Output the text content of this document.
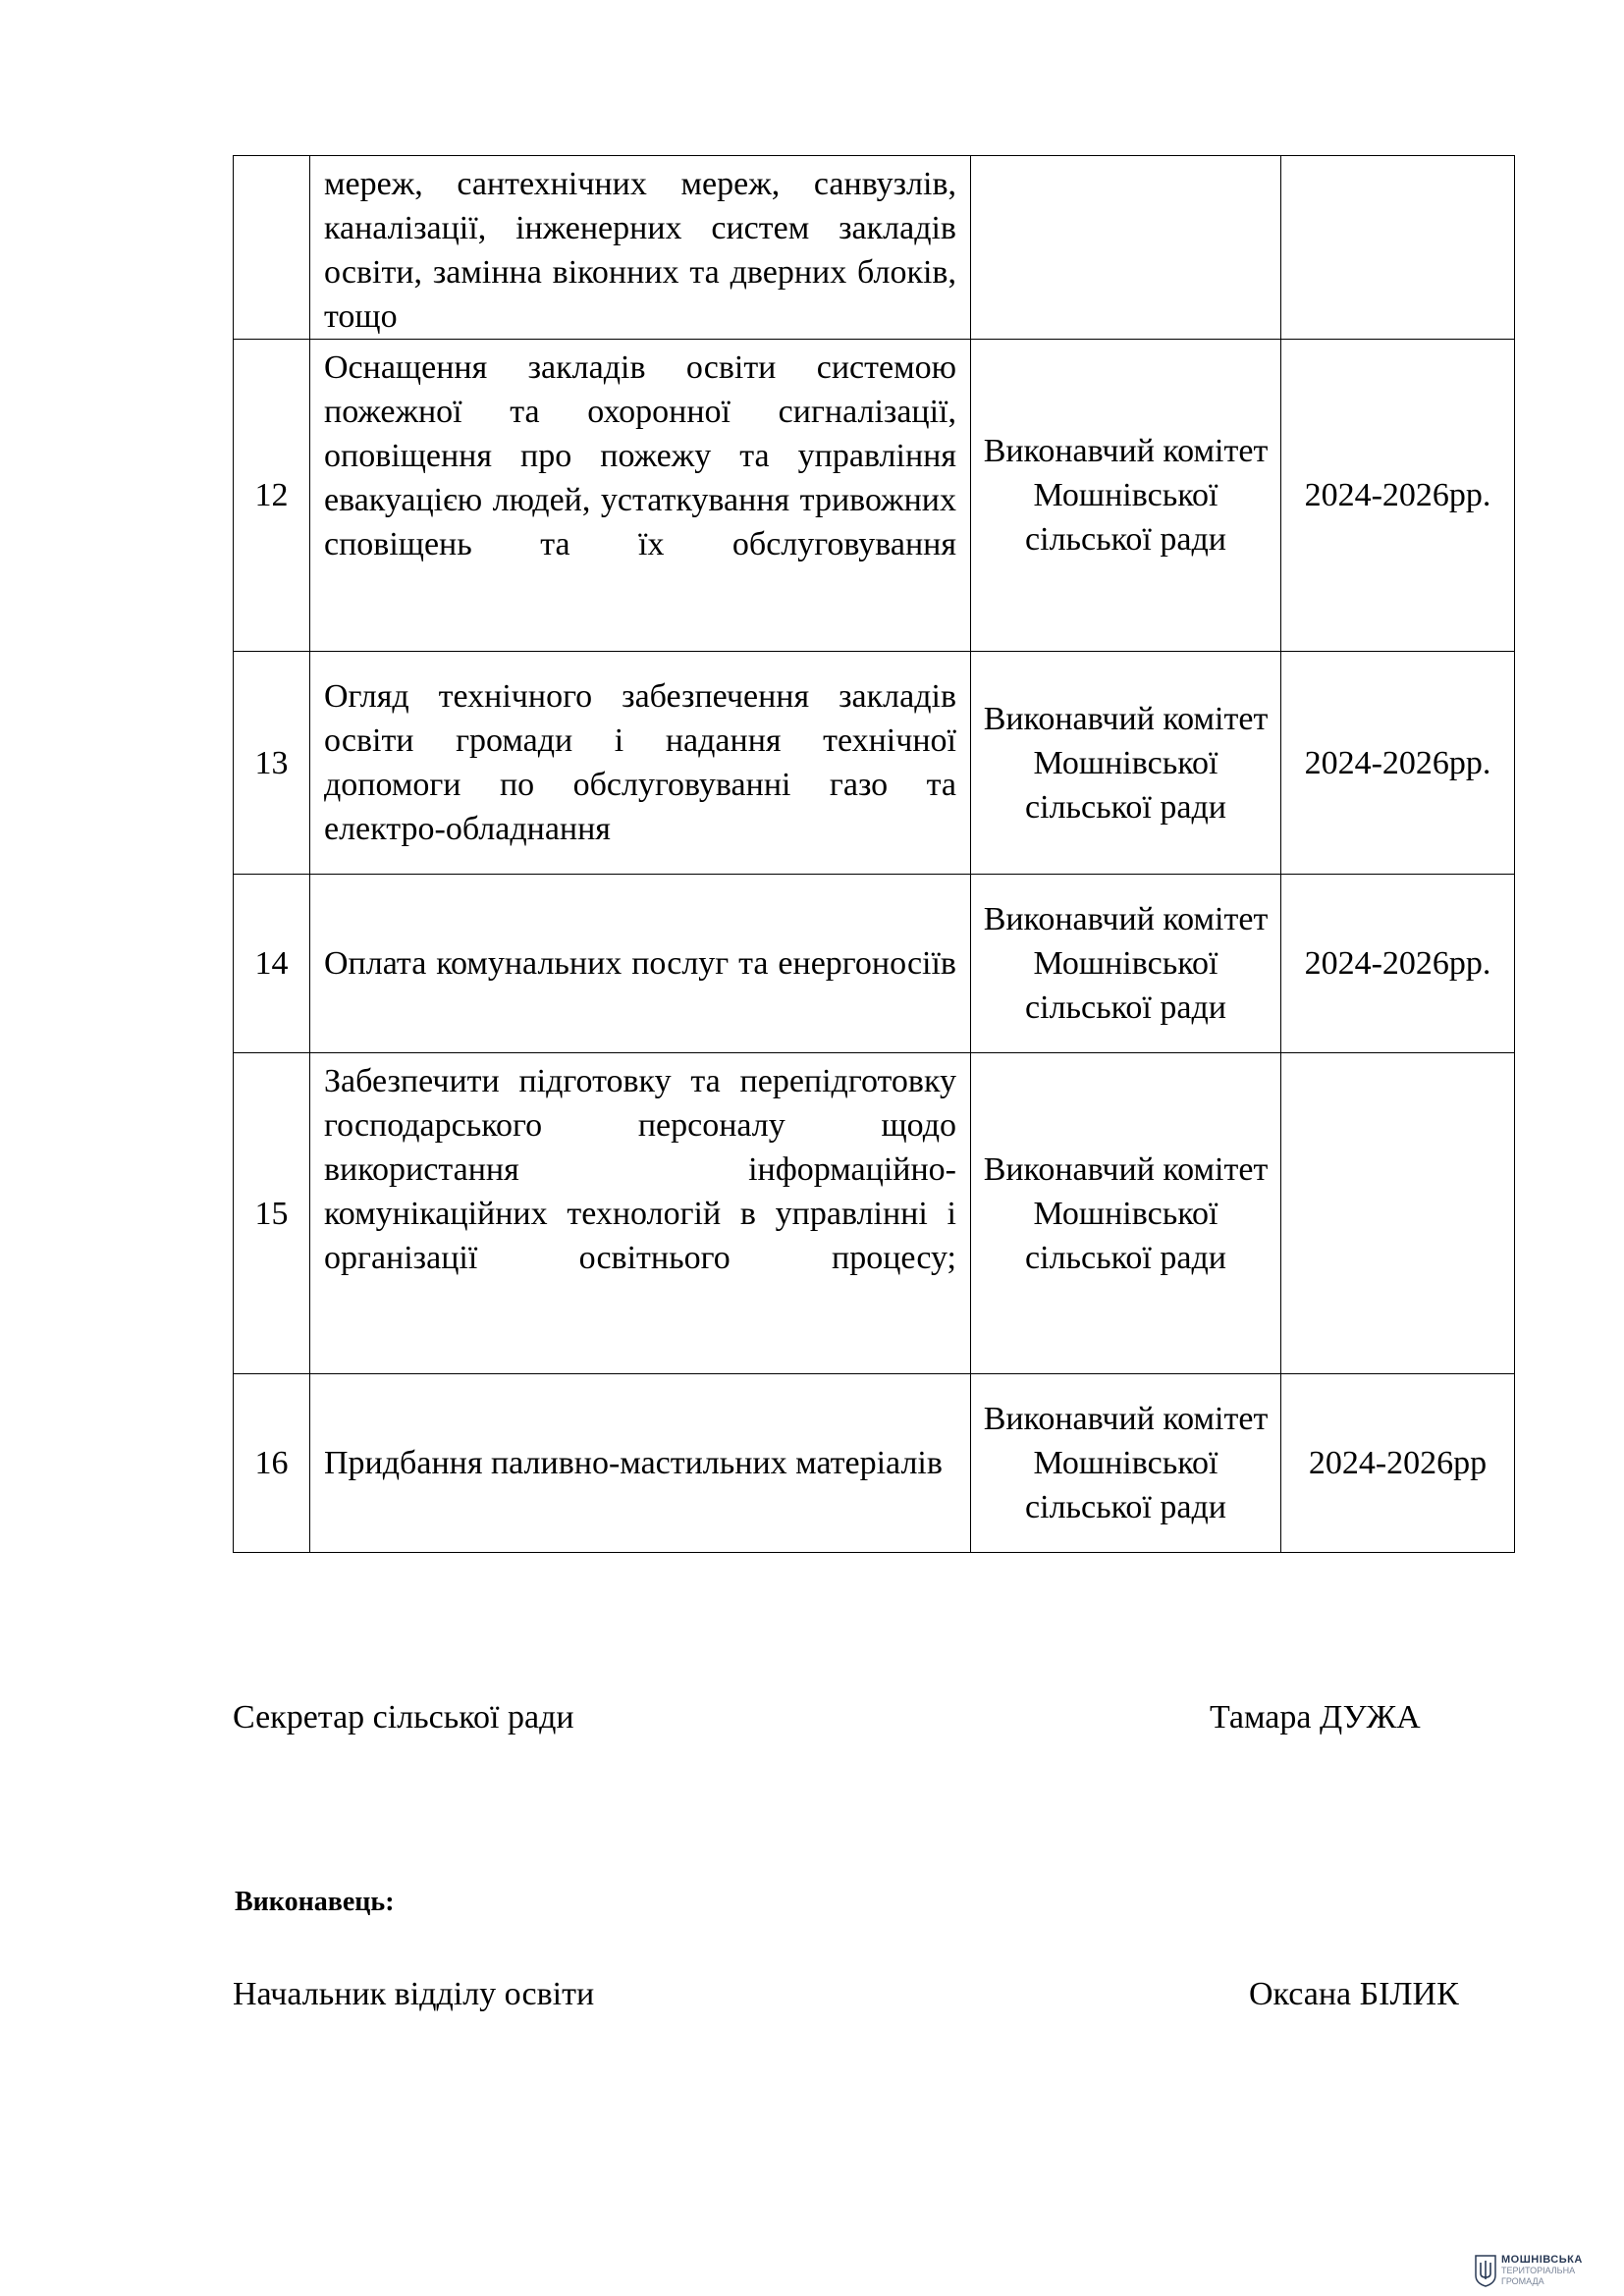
	мереж, сантехнічних мереж, санвузлів, каналізації, інженерних систем закладів освіти, замінна віконних та дверних блоків, тощо		
12	Оснащення закладів освіти системою пожежної та охоронної сигналізації, оповіщення про пожежу та управління евакуацією людей, устаткування тривожних сповіщень та їх обслуговування	Виконавчий комітет Мошнівської сільської ради	2024-2026рр.
13	Огляд технічного забезпечення закладів освіти громади і надання технічної допомоги по обслуговуванні газо та електро-обладнання	Виконавчий комітет Мошнівської сільської ради	2024-2026рр.
14	Оплата комунальних послуг та енергоносіїв	Виконавчий комітет Мошнівської сільської ради	2024-2026рр.
15	Забезпечити підготовку та перепідготовку господарського персоналу щодо використання інформаційно-комунікаційних технологій в управлінні і організації освітнього процесу;	Виконавчий комітет Мошнівської сільської ради	
16	Придбання паливно-мастильних матеріалів	Виконавчий комітет Мошнівської сільської ради	2024-2026рр
Секретар сільської ради	Тамара ДУЖА
Виконавець:
Начальник відділу освіти	Оксана БІЛИК
МОШНІВСЬКА
ТЕРИТОРІАЛЬНА
ГРОМАДА
